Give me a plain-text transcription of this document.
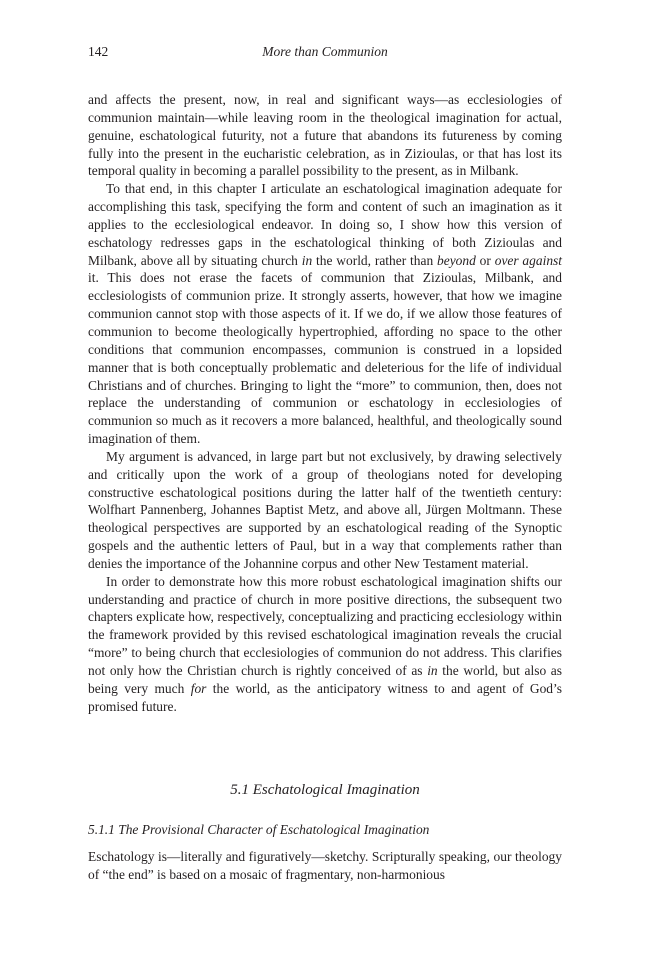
142	More than Communion

and affects the present, now, in real and significant ways—as ecclesiologies of communion maintain—while leaving room in the theological imagination for actual, genuine, eschatological futurity, not a future that abandons its futureness by coming fully into the present in the eucharistic celebration, as in Zizioulas, or that has lost its temporal quality in becoming a parallel possibility to the present, as in Milbank.

To that end, in this chapter I articulate an eschatological imagination adequate for accomplishing this task, specifying the form and content of such an imagination as it applies to the ecclesiological endeavor. In doing so, I show how this version of eschatology redresses gaps in the eschatological thinking of both Zizioulas and Milbank, above all by situating church in the world, rather than beyond or over against it. This does not erase the facets of communion that Zizioulas, Milbank, and ecclesiologists of communion prize. It strongly asserts, however, that how we imagine communion cannot stop with those aspects of it. If we do, if we allow those features of communion to become theologically hypertrophied, affording no space to the other conditions that communion encompasses, communion is construed in a lopsided manner that is both conceptually problematic and deleterious for the life of individual Christians and of churches. Bringing to light the “more” to communion, then, does not replace the understanding of communion or eschatology in ecclesiologies of communion so much as it recovers a more balanced, healthful, and theologically sound imagination of them.

My argument is advanced, in large part but not exclusively, by drawing selectively and critically upon the work of a group of theologians noted for developing constructive eschatological positions during the latter half of the twentieth century: Wolfhart Pannenberg, Johannes Baptist Metz, and above all, Jürgen Moltmann. These theological perspectives are supported by an eschatological reading of the Synoptic gospels and the authentic letters of Paul, but in a way that complements rather than denies the importance of the Johannine corpus and other New Testament material.

In order to demonstrate how this more robust eschatological imagination shifts our understanding and practice of church in more positive directions, the subsequent two chapters explicate how, respectively, conceptualizing and practicing ecclesiology within the framework provided by this revised eschatological imagination reveals the crucial “more” to being church that ecclesiologies of communion do not address. This clarifies not only how the Christian church is rightly conceived of as in the world, but also as being very much for the world, as the anticipatory witness to and agent of God’s promised future.

5.1 Eschatological Imagination
5.1.1 The Provisional Character of Eschatological Imagination

Eschatology is—literally and figuratively—sketchy. Scripturally speaking, our theology of “the end” is based on a mosaic of fragmentary, non-harmonious
